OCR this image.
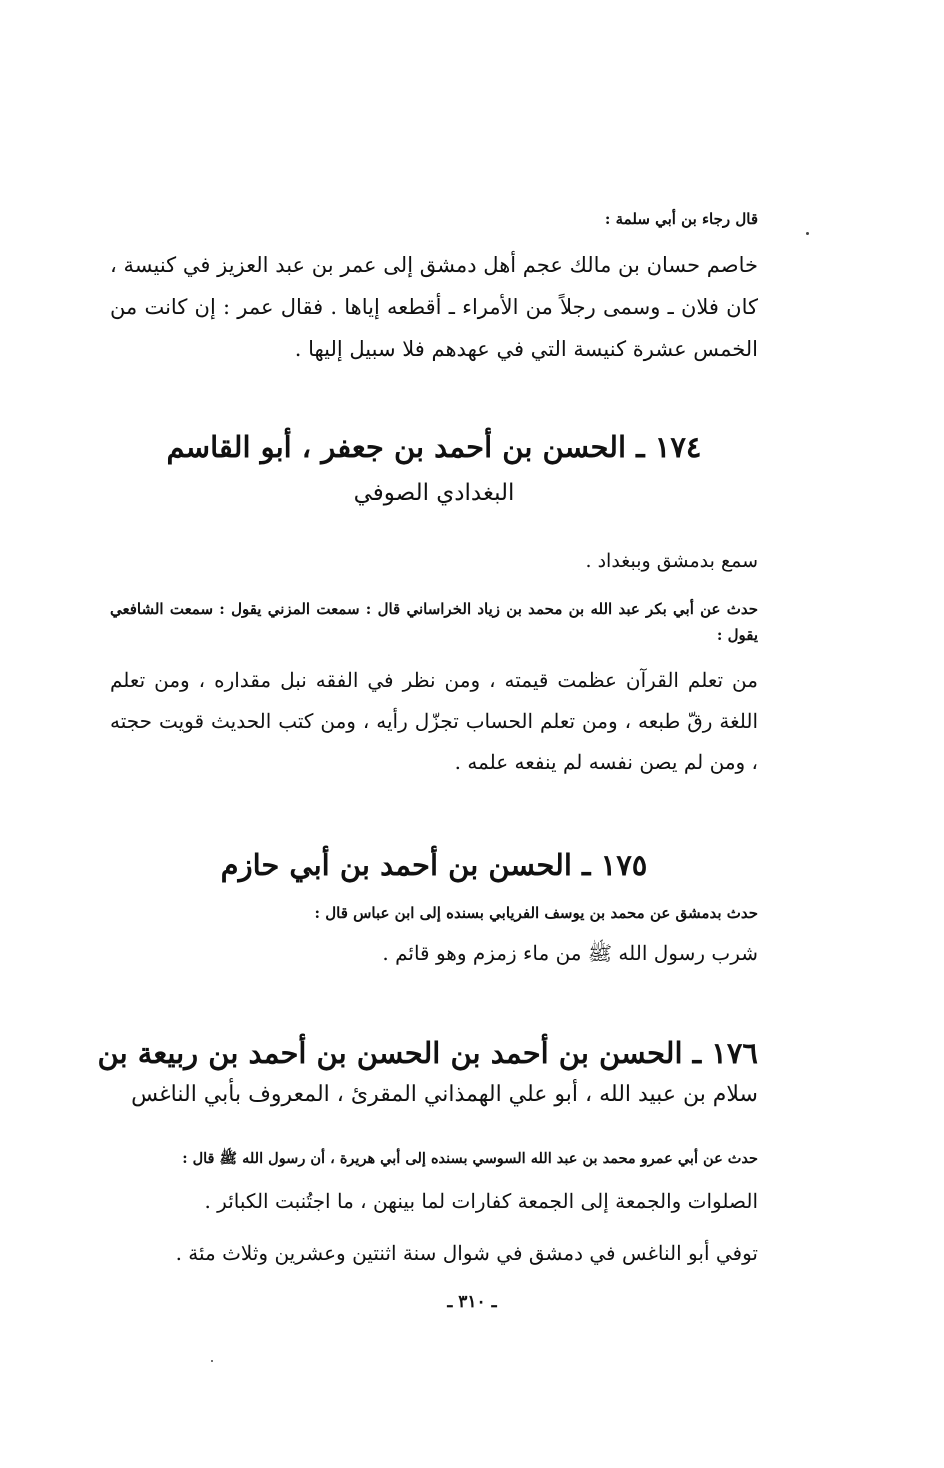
قال رجاء بن أبي سلمة :
خاصم حسان بن مالك عجم أهل دمشق إلى عمر بن عبد العزيز في كنيسة ، كان فلان ـ وسمى رجلاً من الأمراء ـ أقطعه إياها . فقال عمر : إن كانت من الخمس عشرة كنيسة التي في عهدهم فلا سبيل إليها .
١٧٤ ـ الحسن بن أحمد بن جعفر ، أبو القاسم
البغدادي الصوفي
سمع بدمشق وببغداد .
حدث عن أبي بكر عبد الله بن محمد بن زياد الخراساني قال : سمعت المزني يقول : سمعت الشافعي يقول :
من تعلم القرآن عظمت قيمته ، ومن نظر في الفقه نبل مقداره ، ومن تعلم اللغة رقّ طبعه ، ومن تعلم الحساب تجزّل رأيه ، ومن كتب الحديث قويت حجته ، ومن لم يصن نفسه لم ينفعه علمه .
١٧٥ ـ الحسن بن أحمد بن أبي حازم
حدث بدمشق عن محمد بن يوسف الفريابي بسنده إلى ابن عباس قال :
شرب رسول الله ﷺ من ماء زمزم وهو قائم .
١٧٦ ـ الحسن بن أحمد بن الحسن بن أحمد بن ربيعة بن
سلام بن عبيد الله ، أبو علي الهمذاني المقرئ ، المعروف بأبي الناغس
حدث عن أبي عمرو محمد بن عبد الله السوسي بسنده إلى أبي هريرة ، أن رسول الله ﷺ قال :
الصلوات والجمعة إلى الجمعة كفارات لما بينهن ، ما اجتُنبت الكبائر .
توفي أبو الناغس في دمشق في شوال سنة اثنتين وعشرين وثلاث مئة .
ـ ٣١٠ ـ
